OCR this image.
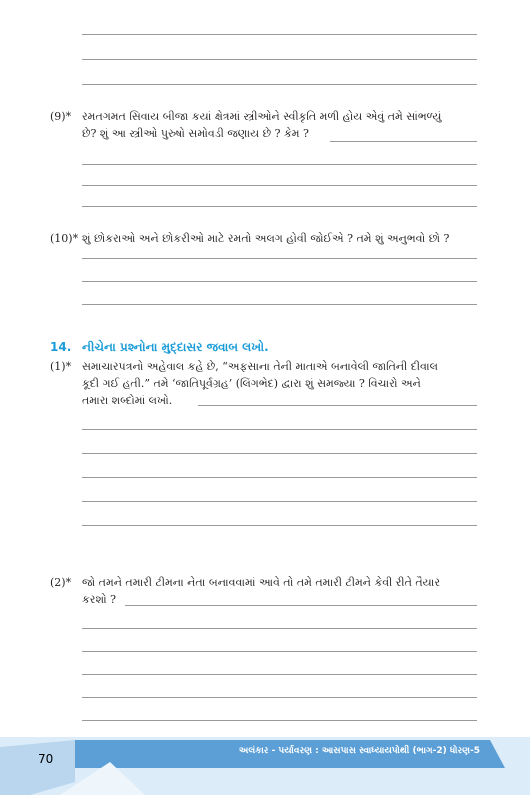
(9)* રમતગમત સિવાય બીજા કયાં ક્ષેત્રમાં સ્ત્રીઓને સ્વીકૃતિ મળી હોય એવું તમે સાંભળ્યું
છે? શું આ સ્ત્રીઓ પુરુષો સમોવડી જણાય છે ? કેમ ?
(10)* શું છોકરાઓ અને છોકરીઓ માટે રમતો અલગ હોવી જોઈએ ? તમે શું અનુભવો છો ?
14. નીચેના પ્રશ્નોના મુદ્દાસર જવાબ લખો.
(1)* સમાચારપત્રનો અહેવાલ કહે છે, “અફસાના તેની માતાએ બનાવેલી જાતિની દીવાલ
કૂદી ગઈ હતી.” તમે ‘જાતિપૂર્વગ્રહ’ (લિંગભેદ) દ્વારા શું સમજ્યા ? વિચારો અને
તમારા શબ્દોમાં લખો.
(2)* જો તમને તમારી ટીમના નેતા બનાવવામાં આવે તો તમે તમારી ટીમને કેવી રીતે તૈયાર
કરશો ?
અલંકાર - પર્યાવરણ : આસપાસ સ્વાધ્યાયપોથી (ભાગ-2) ધોરણ-5
70
